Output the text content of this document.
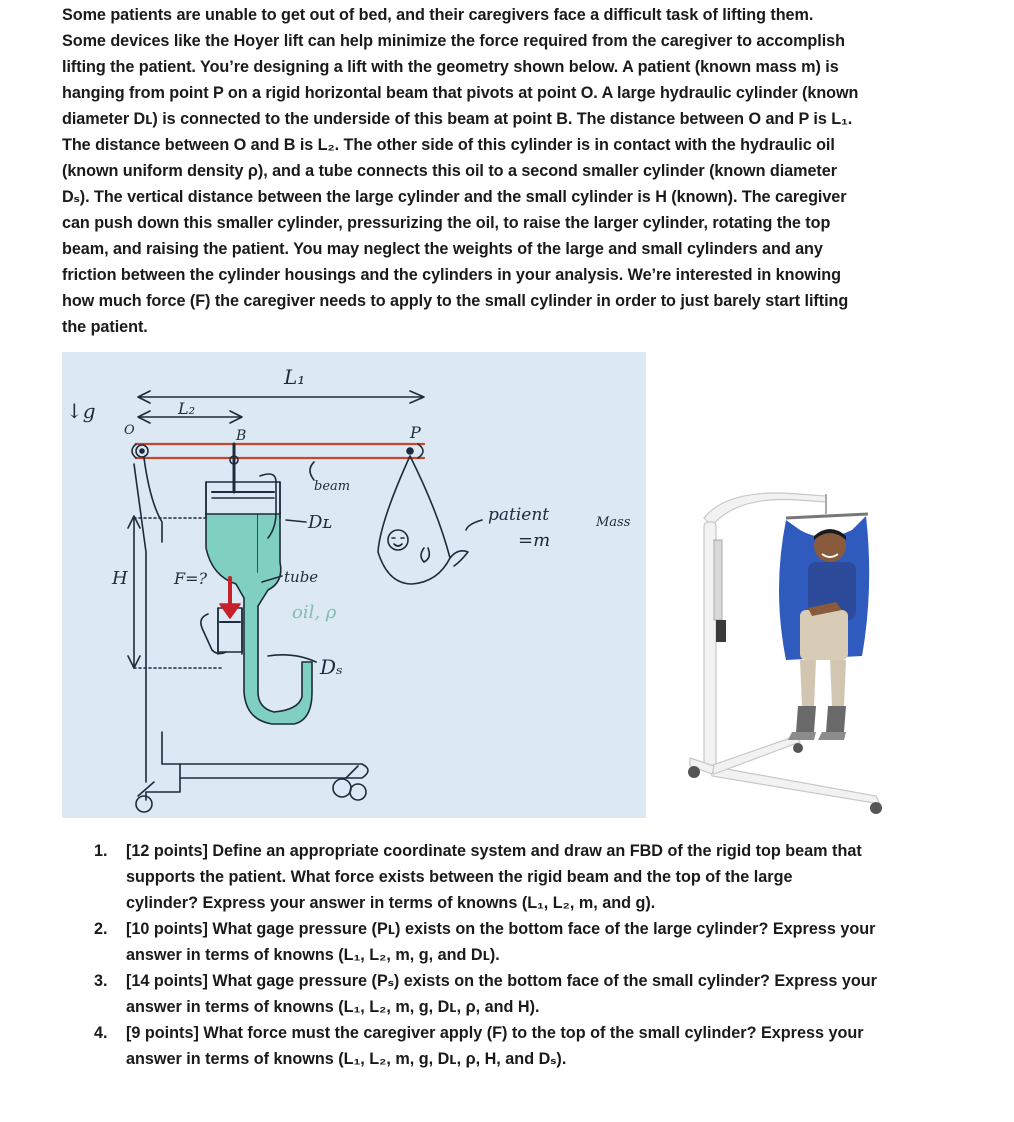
Some patients are unable to get out of bed, and their caregivers face a difficult task of lifting them.
Some devices like the Hoyer lift can help minimize the force required from the caregiver to accomplish
lifting the patient. You’re designing a lift with the geometry shown below. A patient (known mass m) is
hanging from point P on a rigid horizontal beam that pivots at point O. A large hydraulic cylinder (known
diameter Dʟ) is connected to the underside of this beam at point B. The distance between O and P is L₁.
The distance between O and B is L₂. The other side of this cylinder is in contact with the hydraulic oil
(known uniform density ρ), and a tube connects this oil to a second smaller cylinder (known diameter
Dₛ). The vertical distance between the large cylinder and the small cylinder is H (known). The caregiver
can push down this smaller cylinder, pressurizing the oil, to raise the larger cylinder, rotating the top
beam, and raising the patient. You may neglect the weights of the large and small cylinders and any
friction between the cylinder housings and the cylinders in your analysis. We’re interested in knowing
how much force (F) the caregiver needs to apply to the small cylinder in order to just barely start lifting
the patient.
↓g
L₁
L₂
O	B	P
beam
H
Dʟ
F=?	tube
oil, ρ
Dₛ
patient	Mass
=m
1. [12 points] Define an appropriate coordinate system and draw an FBD of the rigid top beam that
supports the patient. What force exists between the rigid beam and the top of the large
cylinder? Express your answer in terms of knowns (L₁, L₂, m, and g).
2. [10 points] What gage pressure (Pʟ) exists on the bottom face of the large cylinder? Express your
answer in terms of knowns (L₁, L₂, m, g, and Dʟ).
3. [14 points] What gage pressure (Pₛ) exists on the bottom face of the small cylinder? Express your
answer in terms of knowns (L₁, L₂, m, g, Dʟ, ρ, and H).
4. [9 points] What force must the caregiver apply (F) to the top of the small cylinder? Express your
answer in terms of knowns (L₁, L₂, m, g, Dʟ, ρ, H, and Dₛ).
